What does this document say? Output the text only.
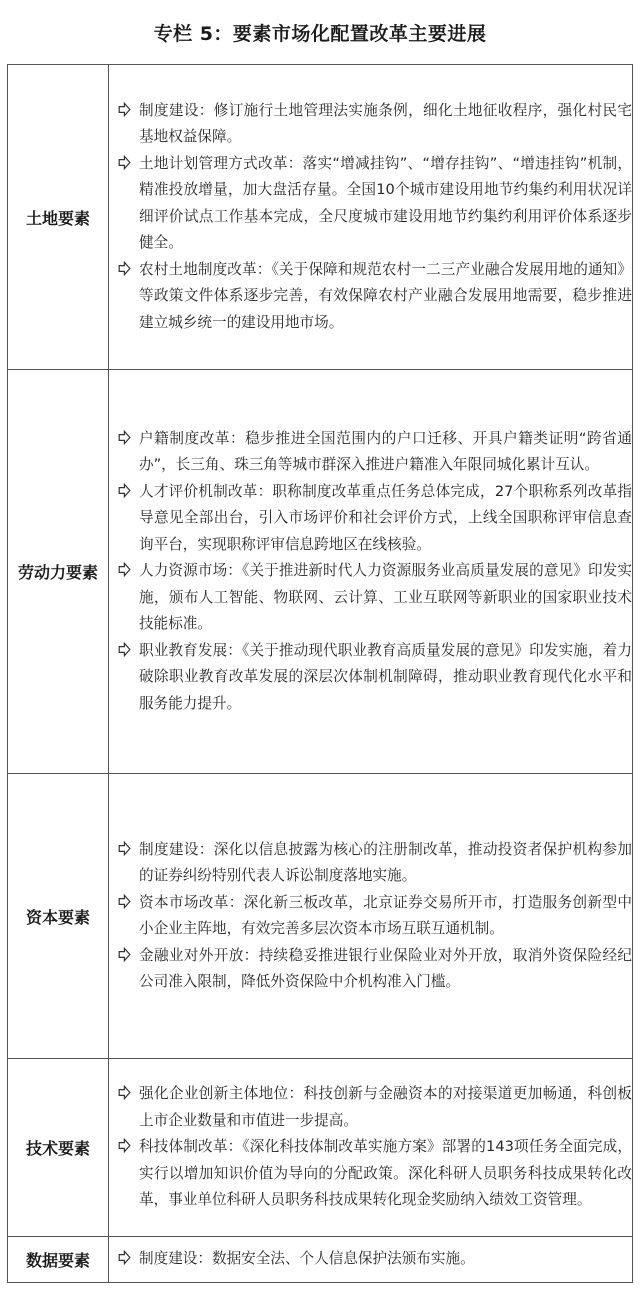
专栏 5：要素市场化配置改革主要进展
土地要素	制度建设：修订施行土地管理法实施条例，细化土地征收程序，强化村民宅基地权益保障。
土地计划管理方式改革：落实“增减挂钩”、“增存挂钩”、“增违挂钩”机制，精准投放增量，加大盘活存量。全国10个城市建设用地节约集约利用状况详细评价试点工作基本完成，全尺度城市建设用地节约集约利用评价体系逐步健全。
农村土地制度改革：《关于保障和规范农村一二三产业融合发展用地的通知》等政策文件体系逐步完善，有效保障农村产业融合发展用地需要，稳步推进建立城乡统一的建设用地市场。

劳动力要素	户籍制度改革：稳步推进全国范围内的户口迁移、开具户籍类证明“跨省通办”，长三角、珠三角等城市群深入推进户籍准入年限同城化累计互认。
人才评价机制改革：职称制度改革重点任务总体完成，27个职称系列改革指导意见全部出台，引入市场评价和社会评价方式，上线全国职称评审信息查询平台，实现职称评审信息跨地区在线核验。
人力资源市场：《关于推进新时代人力资源服务业高质量发展的意见》印发实施，颁布人工智能、物联网、云计算、工业互联网等新职业的国家职业技术技能标准。
职业教育发展：《关于推动现代职业教育高质量发展的意见》印发实施，着力破除职业教育改革发展的深层次体制机制障碍，推动职业教育现代化水平和服务能力提升。

资本要素	制度建设：深化以信息披露为核心的注册制改革，推动投资者保护机构参加的证券纠纷特别代表人诉讼制度落地实施。
资本市场改革：深化新三板改革，北京证券交易所开市，打造服务创新型中小企业主阵地，有效完善多层次资本市场互联互通机制。
金融业对外开放：持续稳妥推进银行业保险业对外开放，取消外资保险经纪公司准入限制，降低外资保险中介机构准入门槛。

技术要素	强化企业创新主体地位：科技创新与金融资本的对接渠道更加畅通，科创板上市企业数量和市值进一步提高。
科技体制改革：《深化科技体制改革实施方案》部署的143项任务全面完成，实行以增加知识价值为导向的分配政策。深化科研人员职务科技成果转化改革，事业单位科研人员职务科技成果转化现金奖励纳入绩效工资管理。

数据要素	制度建设：数据安全法、个人信息保护法颁布实施。
